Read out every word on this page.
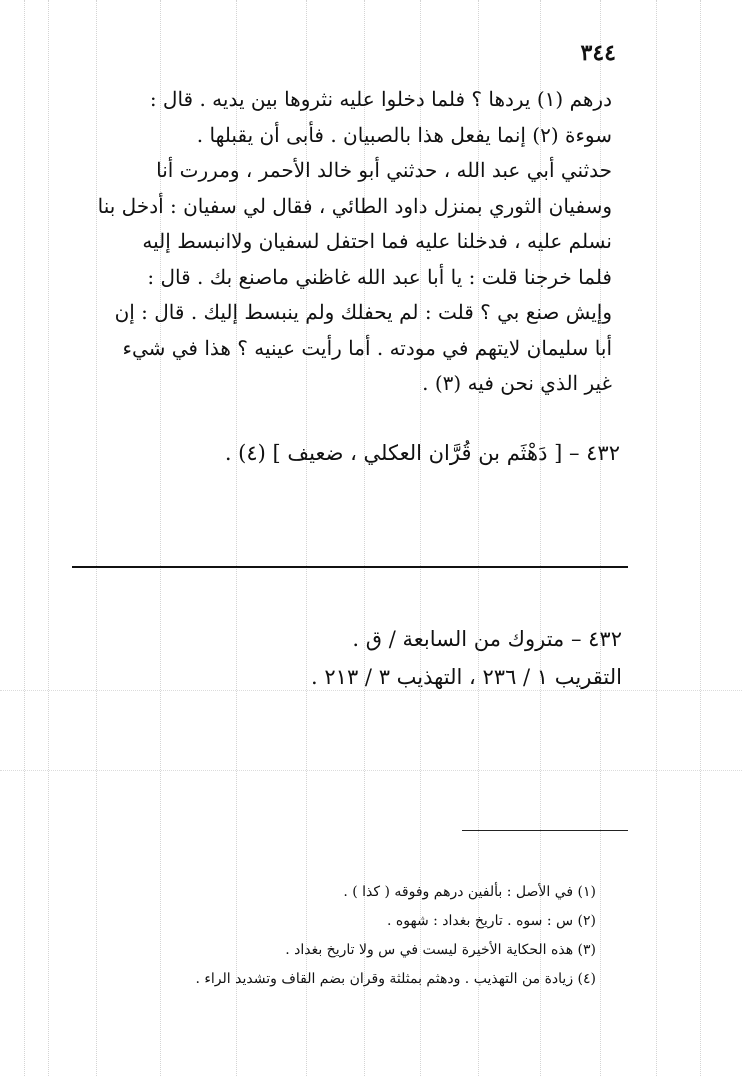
٣٤٤

درهم (١) يردها ؟ فلما دخلوا عليه نثروها بين يديه . قال :

سوءة (٢) إنما يفعل هذا بالصبيان . فأبى أن يقبلها .

حدثني أبي عبد الله ، حدثني أبو خالد الأحمر ، ومررت أنا

وسفيان الثوري بمنزل داود الطائي ، فقال لي سفيان : أدخل بنا

نسلم عليه ، فدخلنا عليه فما احتفل لسفيان ولاانبسط إليه

فلما خرجنا قلت : يا أبا عبد الله غاظني ماصنع بك . قال :

وإيش صنع بي ؟ قلت : لم يحفلك ولم ينبسط إليك . قال : إن

أبا سليمان لايتهم في مودته . أما رأيت عينيه ؟ هذا في شيء

غير الذي نحن فيه (٣) .

٤٣٢ – [ دَهْثَم بن قُرَّان العكلي ، ضعيف ] (٤) .

٤٣٢ – متروك من السابعة / ق .

التقريب ١ / ٢٣٦ ، التهذيب ٣ / ٢١٣ .

(١) في الأصل : بألفين درهم وفوقه ( كذا ) .

(٢) س : سوه . تاريخ بغداد : شهوه .

(٣) هذه الحكاية الأخيرة ليست في س ولا تاريخ بغداد .

(٤) زيادة من التهذيب . ودهثم بمثلثة وقران بضم القاف وتشديد الراء .
